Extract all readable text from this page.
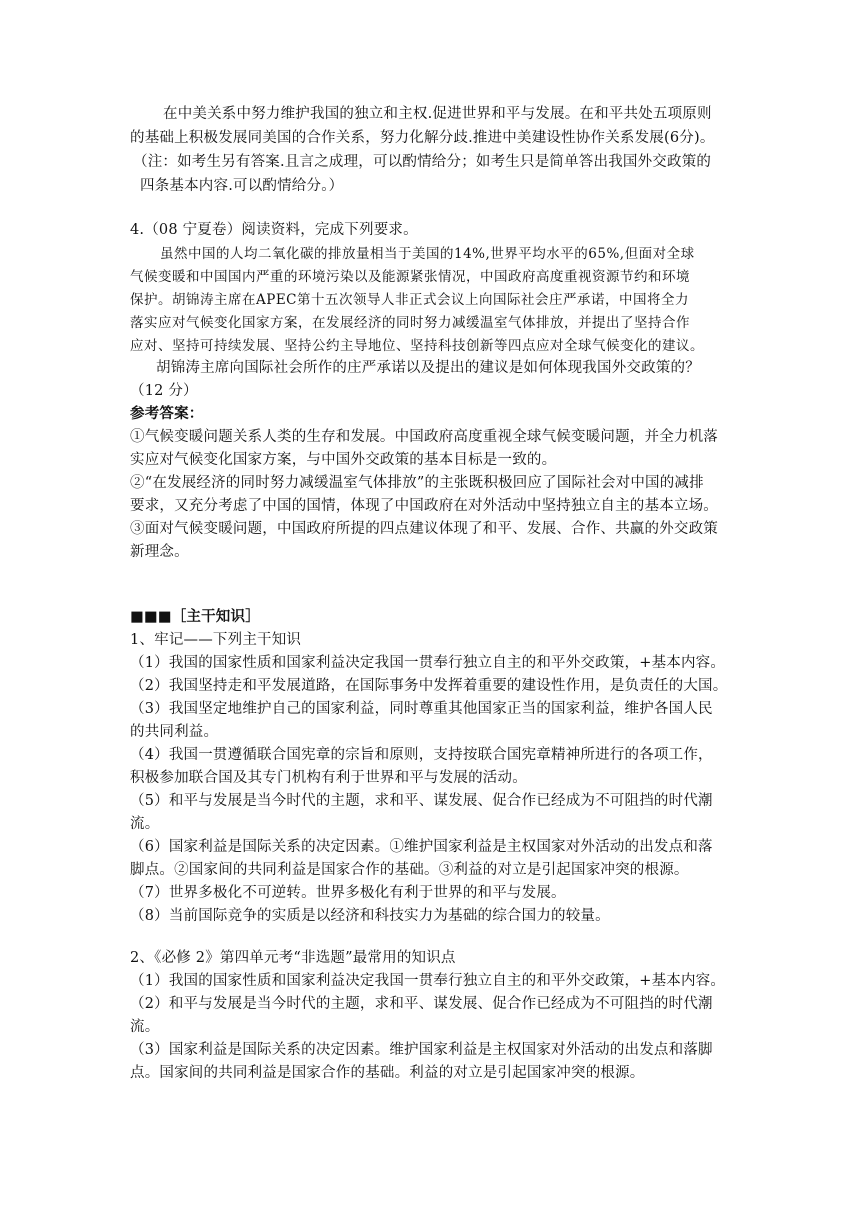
在中美关系中努力维护我国的独立和主权.促进世界和平与发展。在和平共处五项原则
的基础上积极发展同美国的合作关系，努力化解分歧.推进中美建设性协作关系发展(6分)。
（注：如考生另有答案.且言之成理，可以酌情给分；如考生只是简单答出我国外交政策的
四条基本内容.可以酌情给分。）
4.（08 宁夏卷）阅读资料，完成下列要求。
虽然中国的人均二氧化碳的排放量相当于美国的14%,世界平均水平的65%,但面对全球
气候变暖和中国国内严重的环境污染以及能源紧张情况，中国政府高度重视资源节约和环境
保护。胡锦涛主席在APEC第十五次领导人非正式会议上向国际社会庄严承诺，中国将全力
落实应对气候变化国家方案，在发展经济的同时努力减缓温室气体排放，并提出了坚持合作
应对、坚持可持续发展、坚持公约主导地位、坚持科技创新等四点应对全球气候变化的建议。
胡锦涛主席向国际社会所作的庄严承诺以及提出的建议是如何体现我国外交政策的？
（12 分）
参考答案：
①气候变暖问题关系人类的生存和发展。中国政府高度重视全球气候变暖问题，并全力机落
实应对气候变化国家方案，与中国外交政策的基本目标是一致的。
②“在发展经济的同时努力减缓温室气体排放”的主张既积极回应了国际社会对中国的减排
要求，又充分考虑了中国的国情，体现了中国政府在对外活动中坚持独立自主的基本立场。
③面对气候变暖问题，中国政府所提的四点建议体现了和平、发展、合作、共赢的外交政策
新理念。
■■■［主干知识］
1、牢记——下列主干知识
（1）我国的国家性质和国家利益决定我国一贯奉行独立自主的和平外交政策，+基本内容。
（2）我国坚持走和平发展道路，在国际事务中发挥着重要的建设性作用，是负责任的大国。
（3）我国坚定地维护自己的国家利益，同时尊重其他国家正当的国家利益，维护各国人民
的共同利益。
（4）我国一贯遵循联合国宪章的宗旨和原则，支持按联合国宪章精神所进行的各项工作，
积极参加联合国及其专门机构有利于世界和平与发展的活动。
（5）和平与发展是当今时代的主题，求和平、谋发展、促合作已经成为不可阻挡的时代潮
流。
（6）国家利益是国际关系的决定因素。①维护国家利益是主权国家对外活动的出发点和落
脚点。②国家间的共同利益是国家合作的基础。③利益的对立是引起国家冲突的根源。
（7）世界多极化不可逆转。世界多极化有利于世界的和平与发展。
（8）当前国际竞争的实质是以经济和科技实力为基础的综合国力的较量。
2、《必修 2》第四单元考“非选题”最常用的知识点
（1）我国的国家性质和国家利益决定我国一贯奉行独立自主的和平外交政策，+基本内容。
（2）和平与发展是当今时代的主题，求和平、谋发展、促合作已经成为不可阻挡的时代潮
流。
（3）国家利益是国际关系的决定因素。维护国家利益是主权国家对外活动的出发点和落脚
点。国家间的共同利益是国家合作的基础。利益的对立是引起国家冲突的根源。
